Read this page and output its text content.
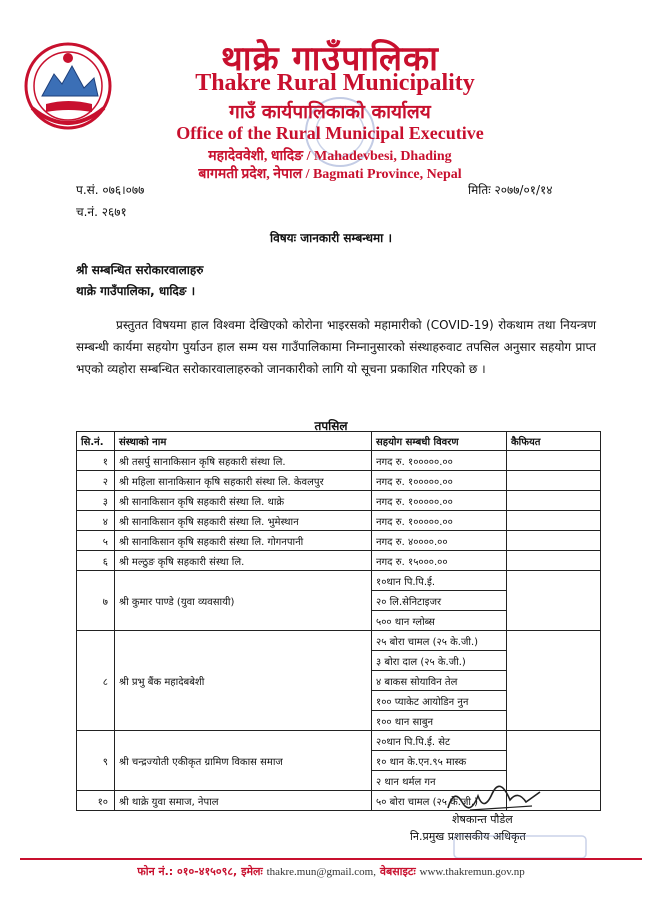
थाक्रे गाउँपालिका
Thakre Rural Municipality
गाउँ कार्यपालिकाको कार्यालय
Office of the Rural Municipal Executive
महादेववेशी, धादिङ / Mahadevbesi, Dhading
बागमती प्रदेश, नेपाल / Bagmati Province, Nepal
प.सं. ०७६।०७७
च.नं. २६७१
मितिः २०७७/०१/१४
विषयः जानकारी सम्बन्धमा ।
श्री सम्बन्धित सरोकारवालाहरु
थाक्रे गाउँपालिका, धादिङ ।

प्रस्तुतत विषयमा हाल विश्वमा देखिएको कोरोना भाइरसको महामारीको (COVID-19) रोकथाम तथा नियन्त्रण सम्बन्धी कार्यमा सहयोग पुर्याउन हाल सम्म यस गाउँपालिकामा निम्नानुसारको संस्थाहरुवाट तपसिल अनुसार सहयोग प्राप्त भएको व्यहोरा सम्बन्धित सरोकारवालाहरुको जानकारीको लागि यो सूचना प्रकाशित गरिएको छ ।

तपसिल
सि.नं.	संस्थाको नाम	सहयोग सम्बधी विवरण	कैफियत
१	श्री तसर्पु सानाकिसान कृषि सहकारी संस्था लि.	नगद रु. १०००००.००	
२	श्री महिला सानाकिसान कृषि सहकारी संस्था लि. केवलपुर	नगद रु. १०००००.००	
३	श्री सानाकिसान कृषि सहकारी संस्था लि. थाक्रे	नगद रु. १०००००.००	
४	श्री सानाकिसान कृषि सहकारी संस्था लि. भुमेस्थान	नगद रु. १०००००.००	
५	श्री सानाकिसान कृषि सहकारी संस्था लि. गोगनपानी	नगद रु. ४००००.००	
६	श्री मल्ठुङ कृषि सहकारी संस्था लि.	नगद रु. १५०००.००	
७	श्री कुमार पाण्डे (युवा व्यवसायी)	१०थान पि.पि.ई.	
		२० लि.सेनिटाइजर	
		५०० थान ग्लोब्स	
८	श्री प्रभु बैंक महादेबबेशी	२५ बोरा चामल (२५ के.जी.)	
		३ बोरा दाल (२५ के.जी.)	
		४ बाकस सोयाविन तेल	
		१०० प्याकेट आयोडिन नुन	
		१०० थान साबुन	
९	श्री चन्द्रज्योती एकीकृत ग्रामिण विकास समाज	२०थान पि.पि.ई. सेट	
		१० थान के.एन.९५ मास्क	
		२ थान थर्मल गन	
१०	श्री थाक्रे युवा समाज, नेपाल	५० बोरा चामल (२५ के.जी.)	
शेषकान्त पौडेल
नि.प्रमुख प्रशासकीय अधिकृत
फोन नं.: ०१०-४१५०९८, इमेलः thakre.mun@gmail.com, वेबसाइटः www.thakremun.gov.np
